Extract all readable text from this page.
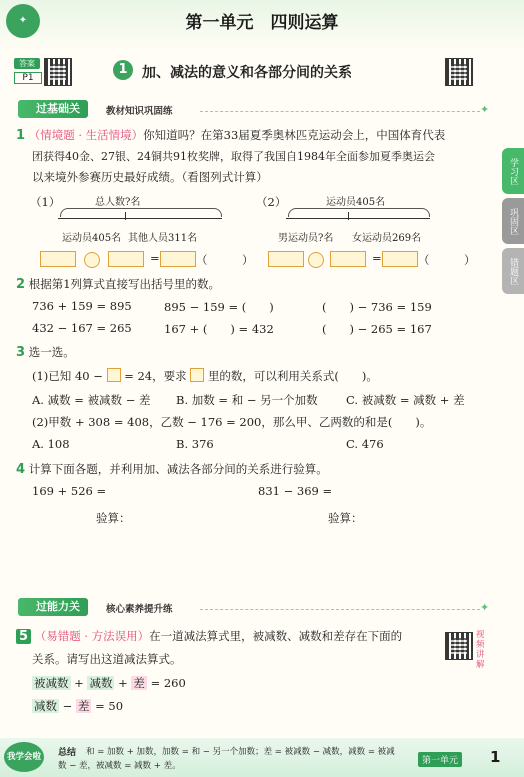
✦	第一单元　四则运算
答案
P1
1	加、减法的意义和各部分间的关系
过基础关	教材知识巩固练	✦
学习区
巩固区
错题区
1 （情境题 · 生活情境）你知道吗？在第33届夏季奥林匹克运动会上，中国体育代表
团获得40金、27银、24铜共91枚奖牌，取得了我国自1984年全面参加夏季奥运会
以来境外参赛历史最好成绩。（看图列式计算）
（1）	总人数?名
运动员405名 其他人员311名
=	（　　　）
（2）	运动员405名
男运动员?名 女运动员269名
=	（　　　）
2 根据第1列算式直接写出括号里的数。
736 + 159 = 895	895 − 159 = (　　)	(　　) − 736 = 159
432 − 167 = 265	167 + (　　) = 432	(　　) − 265 = 167
3 选一选。
(1)已知 40 − = 24，要求 里的数，可以利用关系式(　　)。
A. 减数 = 被减数 − 差 B. 加数 = 和 − 另一个加数 C. 被减数 = 减数 + 差
(2)甲数 + 308 = 408，乙数 − 176 = 200，那么甲、乙两数的和是(　　)。
A. 108	B. 376	C. 476
4 计算下面各题，并利用加、减法各部分间的关系进行验算。
169 + 526 =	831 − 369 =
验算：	验算：
过能力关	核心素养提升练	✦
5 （易错题 · 方法误用）在一道减法算式里，被减数、减数和差存在下面的
关系。请写出这道减法算式。
视频讲解
被减数 + 减数 + 差 = 260
减数 − 差 = 50
我学会啦	总结 和 = 加数 + 加数，加数 = 和 − 另一个加数；差 = 被减数 − 减数，减数 = 被减
数 − 差，被减数 = 减数 + 差。	第一单元 1
